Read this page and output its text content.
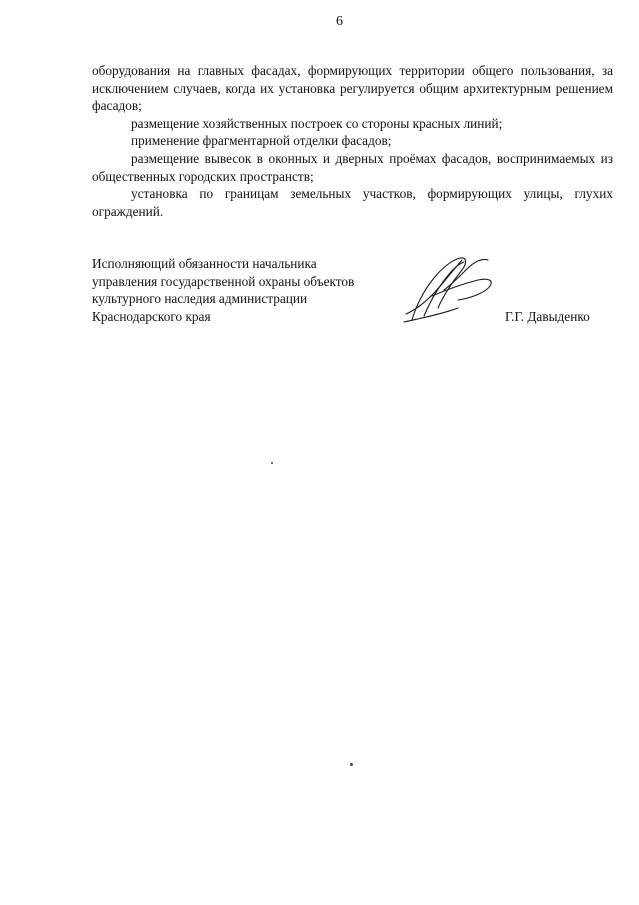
6

оборудования на главных фасадах, формирующих территории общего пользования, за исключением случаев, когда их установка регулируется общим архитектурным решением фасадов;

размещение хозяйственных построек со стороны красных линий;

применение фрагментарной отделки фасадов;

размещение вывесок в оконных и дверных проёмах фасадов, воспринимаемых из общественных городских пространств;

установка по границам земельных участков, формирующих улицы, глухих ограждений.

Исполняющий обязанности начальника
управления государственной охраны объектов
культурного наследия администрации
Краснодарского края	Г.Г. Давыденко
